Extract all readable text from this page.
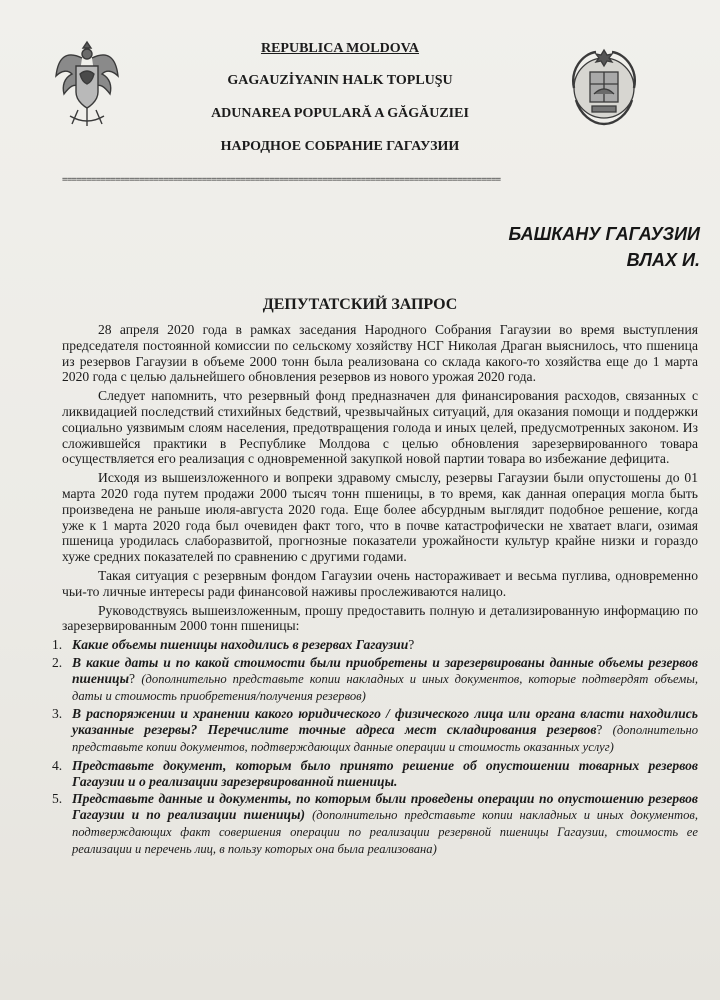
REPUBLICA MOLDOVA
GAGAUZİYANIN HALK TOPLUŞU
ADUNAREA POPULARĂ A GĂGĂUZIEI
НАРОДНОЕ СОБРАНИЕ ГАГАУЗИИ
===========================================================================================
БАШКАНУ ГАГАУЗИИ
ВЛАХ И.
ДЕПУТАТСКИЙ ЗАПРОС

28 апреля 2020 года в рамках заседания Народного Собрания Гагаузии во время выступления председателя постоянной комиссии по сельскому хозяйству НСГ Николая Драган выяснилось, что пшеница из резервов Гагаузии в объеме 2000 тонн была реализована со склада какого-то хозяйства еще до 1 марта 2020 года с целью дальнейшего обновления резервов из нового урожая 2020 года.

Следует напомнить, что резервный фонд предназначен для финансирования расходов, связанных с ликвидацией последствий стихийных бедствий, чрезвычайных ситуаций, для оказания помощи и поддержки социально уязвимым слоям населения, предотвращения голода и иных целей, предусмотренных законом. Из сложившейся практики в Республике Молдова с целью обновления зарезервированного товара осуществляется его реализация с одновременной закупкой новой партии товара во избежание дефицита.

Исходя из вышеизложенного и вопреки здравому смыслу, резервы Гагаузии были опустошены до 01 марта 2020 года путем продажи 2000 тысяч тонн пшеницы, в то время, как данная операция могла быть произведена не раньше июля-августа 2020 года. Еще более абсурдным выглядит подобное решение, когда уже к 1 марта 2020 года был очевиден факт того, что в почве катастрофически не хватает влаги, озимая пшеница уродилась слаборазвитой, прогнозные показатели урожайности культур крайне низки и гораздо хуже средних показателей по сравнению с другими годами.

Такая ситуация с резервным фондом Гагаузии очень настораживает и весьма пуглива, одновременно чьи-то личные интересы ради финансовой наживы прослеживаются налицо.

Руководствуясь вышеизложенным, прошу предоставить полную и детализированную информацию по зарезервированным 2000 тонн пшеницы:

1. Какие объемы пшеницы находились в резервах Гагаузии?
2. В какие даты и по какой стоимости были приобретены и зарезервированы данные объемы резервов пшеницы? (дополнительно представьте копии накладных и иных документов, которые подтвердят объемы, даты и стоимость приобретения/получения резервов)
3. В распоряжении и хранении какого юридического / физического лица или органа власти находились указанные резервы? Перечислите точные адреса мест складирования резервов? (дополнительно представьте копии документов, подтверждающих данные операции и стоимость оказанных услуг)
4. Представьте документ, которым было принято решение об опустошении товарных резервов Гагаузии и о реализации зарезервированной пшеницы.
5. Представьте данные и документы, по которым были проведены операции по опустошению резервов Гагаузии и по реализации пшеницы) (дополнительно представьте копии накладных и иных документов, подтверждающих факт совершения операции по реализации резервной пшеницы Гагаузии, стоимость ее реализации и перечень лиц, в пользу которых она была реализована)
